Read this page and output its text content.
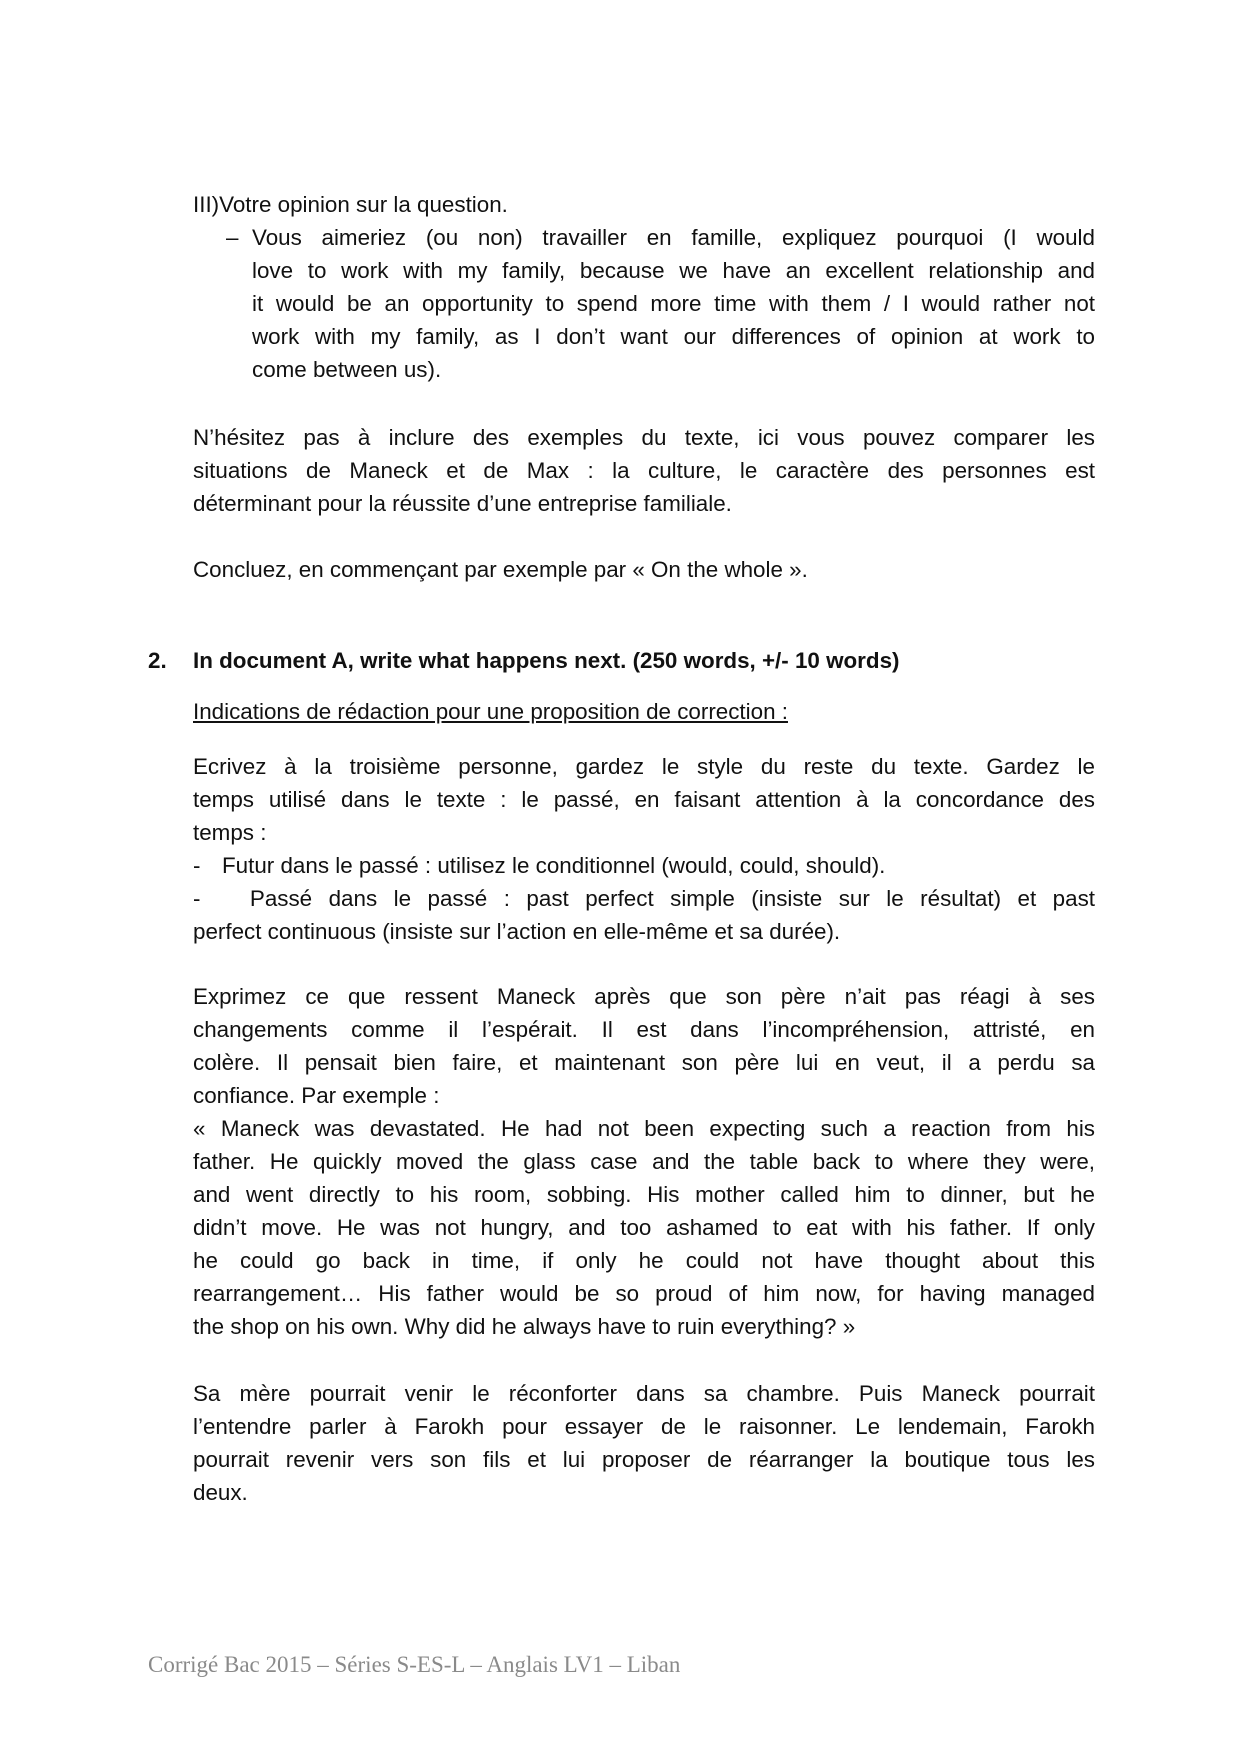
III)Votre opinion sur la question.
– Vous aimeriez (ou non) travailler en famille, expliquez pourquoi (I would
love to work with my family, because we have an excellent relationship and
it would be an opportunity to spend more time with them / I would rather not
work with my family, as I don’t want our differences of opinion at work to
come between us).
N’hésitez pas à inclure des exemples du texte, ici vous pouvez comparer les
situations de Maneck et de Max : la culture, le caractère des personnes est
déterminant pour la réussite d’une entreprise familiale.
Concluez, en commençant par exemple par « On the whole ».
2. In document A, write what happens next. (250 words, +/- 10 words)
Indications de rédaction pour une proposition de correction :
Ecrivez à la troisième personne, gardez le style du reste du texte. Gardez le
temps utilisé dans le texte : le passé, en faisant attention à la concordance des
temps :
- Futur dans le passé : utilisez le conditionnel (would, could, should).
- Passé dans le passé : past perfect simple (insiste sur le résultat) et past
perfect continuous (insiste sur l’action en elle-même et sa durée).
Exprimez ce que ressent Maneck après que son père n’ait pas réagi à ses
changements comme il l’espérait. Il est dans l’incompréhension, attristé, en
colère. Il pensait bien faire, et maintenant son père lui en veut, il a perdu sa
confiance. Par exemple :
« Maneck was devastated. He had not been expecting such a reaction from his
father. He quickly moved the glass case and the table back to where they were,
and went directly to his room, sobbing. His mother called him to dinner, but he
didn’t move. He was not hungry, and too ashamed to eat with his father. If only
he could go back in time, if only he could not have thought about this
rearrangement… His father would be so proud of him now, for having managed
the shop on his own. Why did he always have to ruin everything? »
Sa mère pourrait venir le réconforter dans sa chambre. Puis Maneck pourrait
l’entendre parler à Farokh pour essayer de le raisonner. Le lendemain, Farokh
pourrait revenir vers son fils et lui proposer de réarranger la boutique tous les
deux.
Corrigé Bac 2015 – Séries S-ES-L – Anglais LV1 – Liban
